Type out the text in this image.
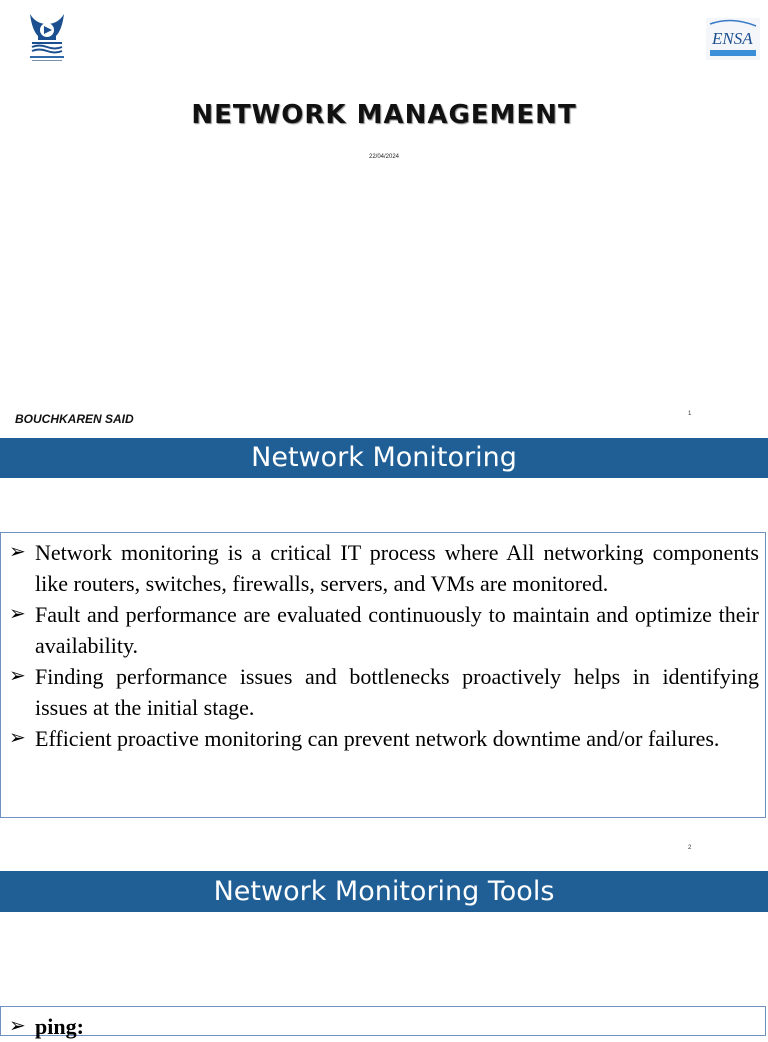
ENSA
NETWORK MANAGEMENT
22/04/2024
BOUCHKAREN SAID	1
Network Monitoring
➢ Network monitoring is a critical IT process where All networking components like routers, switches, firewalls, servers, and VMs are monitored.
➢ Fault and performance are evaluated continuously to maintain and optimize their availability.
➢ Finding performance issues and bottlenecks proactively helps in identifying issues at the initial stage.
➢ Efficient proactive monitoring can prevent network downtime and/or failures.
2
Network Monitoring Tools
➢ ping:
